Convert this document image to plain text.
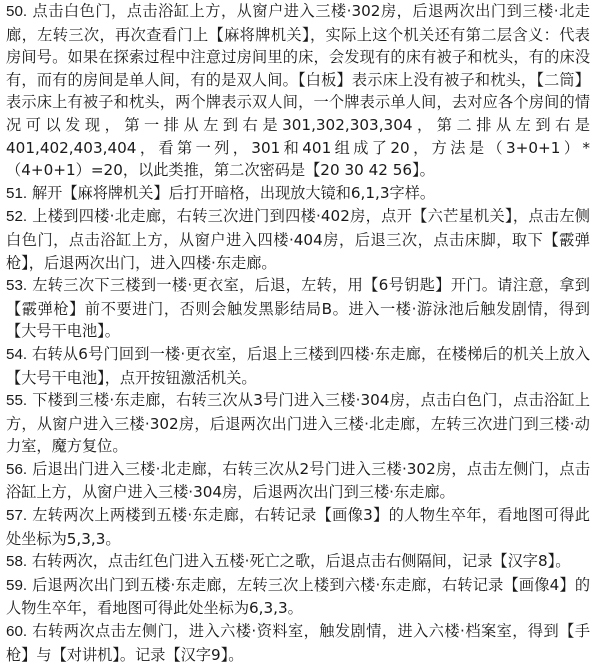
50. 点击白色门，点击浴缸上方，从窗户进入三楼·302房，后退两次出门到三楼·北走廊，左转三次，再次查看门上【麻将牌机关】，实际上这个机关还有第二层含义：代表房间号。如果在探索过程中注意过房间里的床，会发现有的床有被子和枕头，有的床没有，而有的房间是单人间，有的是双人间。【白板】表示床上没有被子和枕头，【二筒】表示床上有被子和枕头，两个牌表示双人间，一个牌表示单人间，去对应各个房间的情况可以发现，第一排从左到右是301,302,303,304，第二排从左到右是401,402,403,404，看第一列，301和401组成了20，方法是（3+0+1）*（4+0+1）=20，以此类推，第二次密码是【20 30 42 56】。

51. 解开【麻将牌机关】后打开暗格，出现放大镜和6,1,3字样。

52. 上楼到四楼·北走廊，右转三次进门到四楼·402房，点开【六芒星机关】，点击左侧白色门，点击浴缸上方，从窗户进入四楼·404房，后退三次，点击床脚，取下【霰弹枪】，后退两次出门，进入四楼·东走廊。

53. 左转三次下三楼到一楼·更衣室，后退，左转，用【6号钥匙】开门。请注意，拿到【霰弹枪】前不要进门，否则会触发黑影结局B。进入一楼·游泳池后触发剧情，得到【大号干电池】。

54. 右转从6号门回到一楼·更衣室，后退上三楼到四楼·东走廊，在楼梯后的机关上放入【大号干电池】，点开按钮激活机关。

55. 下楼到三楼·东走廊，右转三次从3号门进入三楼·304房，点击白色门，点击浴缸上方，从窗户进入三楼·302房，后退两次出门进入三楼·北走廊，左转三次进门到三楼·动力室，魔方复位。

56. 后退出门进入三楼·北走廊，右转三次从2号门进入三楼·302房，点击左侧门，点击浴缸上方，从窗户进入三楼·304房，后退两次出门到三楼·东走廊。

57. 左转两次上两楼到五楼·东走廊，右转记录【画像3】的人物生卒年，看地图可得此处坐标为5,3,3。

58. 右转两次，点击红色门进入五楼·死亡之歌，后退点击右侧隔间，记录【汉字8】。

59. 后退两次出门到五楼·东走廊，左转三次上楼到六楼·东走廊，右转记录【画像4】的人物生卒年，看地图可得此处坐标为6,3,3。

60. 右转两次点击左侧门，进入六楼·资料室，触发剧情，进入六楼·档案室，得到【手枪】与【对讲机】。记录【汉字9】。
